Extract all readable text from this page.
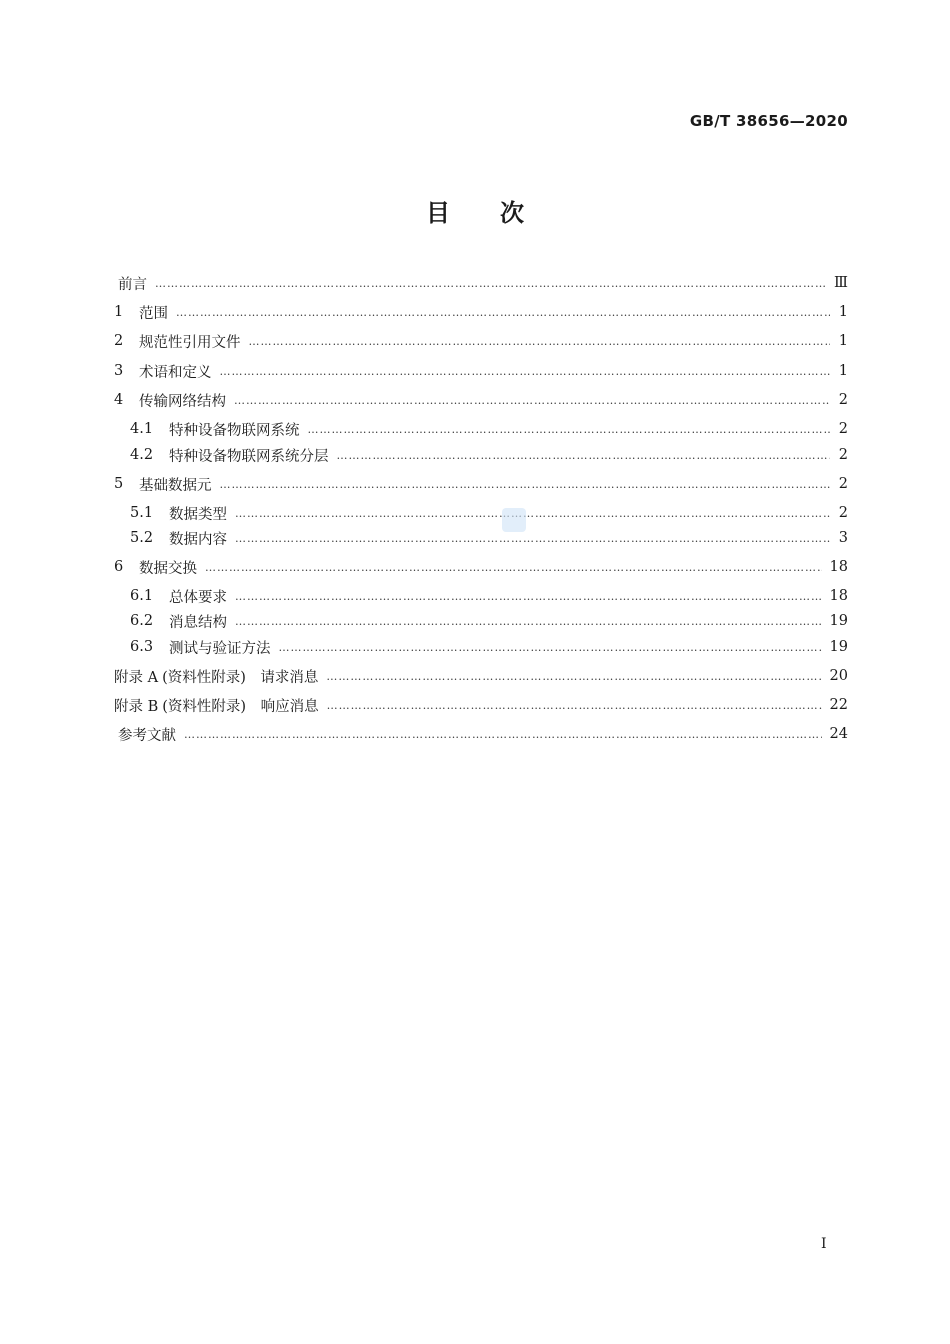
GB/T 38656—2020
目 次
前言 ……………………………………………………………………………………………………………………………………………………………………………………………………………………	Ⅲ
1	范围 ……………………………………………………………………………………………………………………………………………………………………………………………………………………	1
2	规范性引用文件 ……………………………………………………………………………………………………………………………………………………………………………………………………………………	1
3	术语和定义 ……………………………………………………………………………………………………………………………………………………………………………………………………………………	1
4	传输网络结构 ……………………………………………………………………………………………………………………………………………………………………………………………………………………	2
4.1	特种设备物联网系统 ……………………………………………………………………………………………………………………………………………………………………………………………………………………	2
4.2	特种设备物联网系统分层 ……………………………………………………………………………………………………………………………………………………………………………………………………………………	2
5	基础数据元 ……………………………………………………………………………………………………………………………………………………………………………………………………………………	2
5.1	数据类型 ……………………………………………………………………………………………………………………………………………………………………………………………………………………	2
5.2	数据内容 ……………………………………………………………………………………………………………………………………………………………………………………………………………………	3
6	数据交换 ……………………………………………………………………………………………………………………………………………………………………………………………………………………	18
6.1	总体要求 ……………………………………………………………………………………………………………………………………………………………………………………………………………………	18
6.2	消息结构 ……………………………………………………………………………………………………………………………………………………………………………………………………………………	19
6.3	测试与验证方法 ……………………………………………………………………………………………………………………………………………………………………………………………………………………	19
附录 A (资料性附录)　请求消息 ……………………………………………………………………………………………………………………………………………………………………………………………………………………	20
附录 B (资料性附录)　响应消息 ……………………………………………………………………………………………………………………………………………………………………………………………………………………	22
参考文献 ……………………………………………………………………………………………………………………………………………………………………………………………………………………	24
I
